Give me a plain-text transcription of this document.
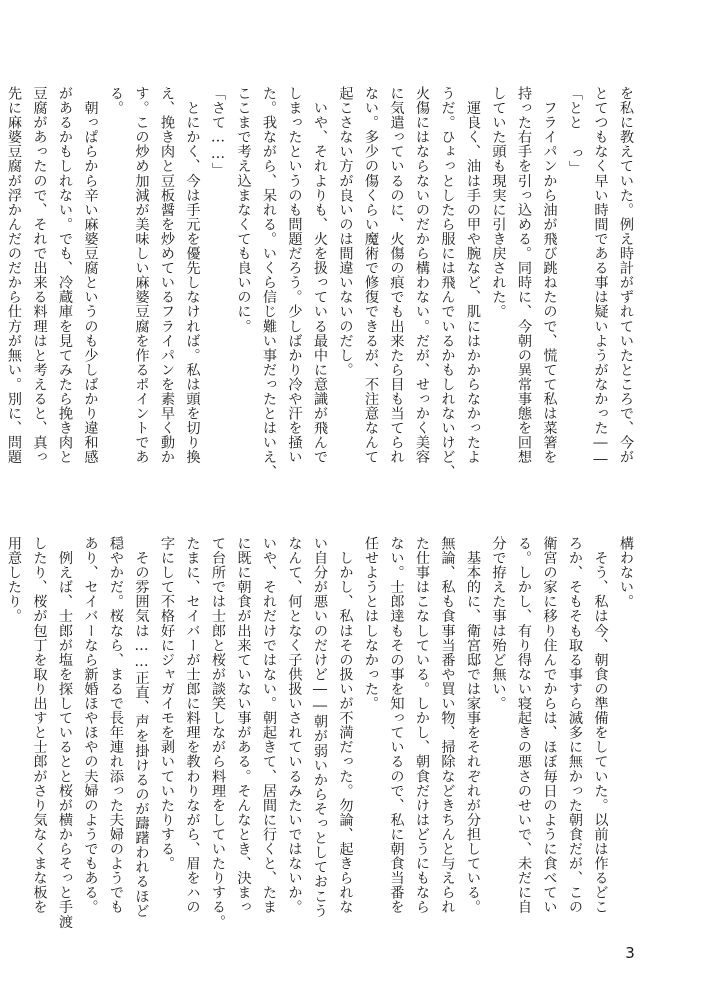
を私に教えていた。例え時計がずれていたところで、今が
とてつもなく早い時間である事は疑いようがなかった――
「とと っ」
　フライパンから油が飛び跳ねたので、慌てて私は菜箸を
持った右手を引っ込める。同時に、今朝の異常事態を回想
していた頭も現実に引き戻された。
　運良く、油は手の甲や腕など、肌にはかからなかったよ
うだ。ひょっとしたら服には飛んでいるかもしれないけど、
火傷にはならないのだから構わない。だが、せっかく美容
に気遣っているのに、火傷の痕でも出来たら目も当てられ
ない。多少の傷くらい魔術で修復できるが、不注意なんて
起こさない方が良いのは間違いないのだし。
　いや、それよりも、火を扱っている最中に意識が飛んで
しまったというのも問題だろう。少しばかり冷や汗を掻い
た。我ながら、呆れる。いくら信じ難い事だったとはいえ、
ここまで考え込まなくても良いのに。
「さて……」
　とにかく、今は手元を優先しなければ。私は頭を切り換
え、挽き肉と豆板醤を炒めているフライパンを素早く動か
す。この炒め加減が美味しい麻婆豆腐を作るポイントであ
る。
　朝っぱらから辛い麻婆豆腐というのも少しばかり違和感
があるかもしれない。でも、冷蔵庫を見てみたら挽き肉と
豆腐があったので、それで出来る料理はと考えると、真っ
先に麻婆豆腐が浮かんだのだから仕方が無い。別に、問題
構わない。
　そう、私は今、朝食の準備をしていた。以前は作るどこ
ろか、そもそも取る事すら滅多に無かった朝食だが、この
衛宮の家に移り住んでからは、ほぼ毎日のように食べてい
る。しかし、有り得ない寝起きの悪さのせいで、未だに自
分で拵えた事は殆ど無い。
　基本的に、衛宮邸では家事をそれぞれが分担している。
無論、私も食事当番や買い物、掃除などきちんと与えられ
た仕事はこなしている。しかし、朝食だけはどうにもなら
ない。士郎達もその事を知っているので、私に朝食当番を
任せようとはしなかった。
　しかし、私はその扱いが不満だった。勿論、起きられな
い自分が悪いのだけど――朝が弱いからそっとしておこう
なんて、何となく子供扱いされているみたいではないか。
いや、それだけではない。朝起きて、居間に行くと、たま
に既に朝食が出来ていない事がある。そんなとき、決まっ
て台所では士郎と桜が談笑しながら料理をしていたりする。
たまに、セイバーが士郎に料理を教わりながら、眉をハの
字にして不格好にジャガイモを剥いていたりする。
　その雰囲気は……正直、声を掛けるのが躊躇われるほど
穏やかだ。桜なら、まるで長年連れ添った夫婦のようでも
あり、セイバーなら新婚ほやほやの夫婦のようでもある。
　例えば、士郎が塩を探しているとと桜が横からそっと手渡
したり、桜が包丁を取り出すと士郎がさり気なくまな板を
用意したり。
3
